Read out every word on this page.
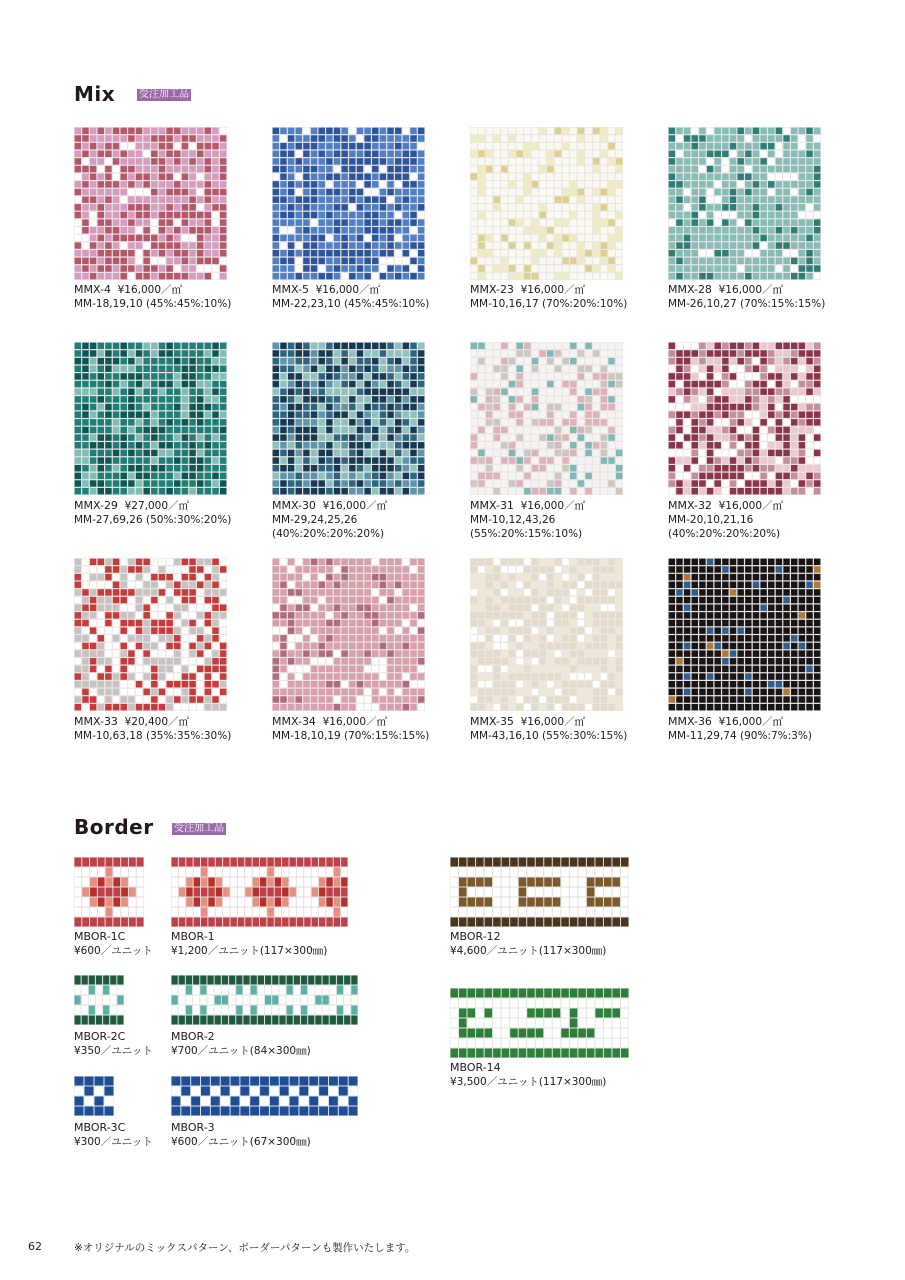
Mix 受注加工品
MMX-4 ¥16,000／㎡
MM-18,19,10 (45%:45%:10%)
MMX-5 ¥16,000／㎡
MM-22,23,10 (45%:45%:10%)
MMX-23 ¥16,000／㎡
MM-10,16,17 (70%:20%:10%)
MMX-28 ¥16,000／㎡
MM-26,10,27 (70%:15%:15%)
MMX-29 ¥27,000／㎡
MM-27,69,26 (50%:30%:20%)
MMX-30 ¥16,000／㎡
MM-29,24,25,26
(40%:20%:20%:20%)
MMX-31 ¥16,000／㎡
MM-10,12,43,26
(55%:20%:15%:10%)
MMX-32 ¥16,000／㎡
MM-20,10,21,16
(40%:20%:20%:20%)
MMX-33 ¥20,400／㎡
MM-10,63,18 (35%:35%:30%)
MMX-34 ¥16,000／㎡
MM-18,10,19 (70%:15%:15%)
MMX-35 ¥16,000／㎡
MM-43,16,10 (55%:30%:15%)
MMX-36 ¥16,000／㎡
MM-11,29,74 (90%:7%:3%)
Border 受注加工品
MBOR-1C
¥600／ユニット
MBOR-1
¥1,200／ユニット(117×300㎜)
MBOR-2C
¥350／ユニット
MBOR-2
¥700／ユニット(84×300㎜)
MBOR-3C
¥300／ユニット
MBOR-3
¥600／ユニット(67×300㎜)
MBOR-12
¥4,600／ユニット(117×300㎜)
MBOR-14
¥3,500／ユニット(117×300㎜)
62	※オリジナルのミックスパターン、ボーダーパターンも製作いたします。
